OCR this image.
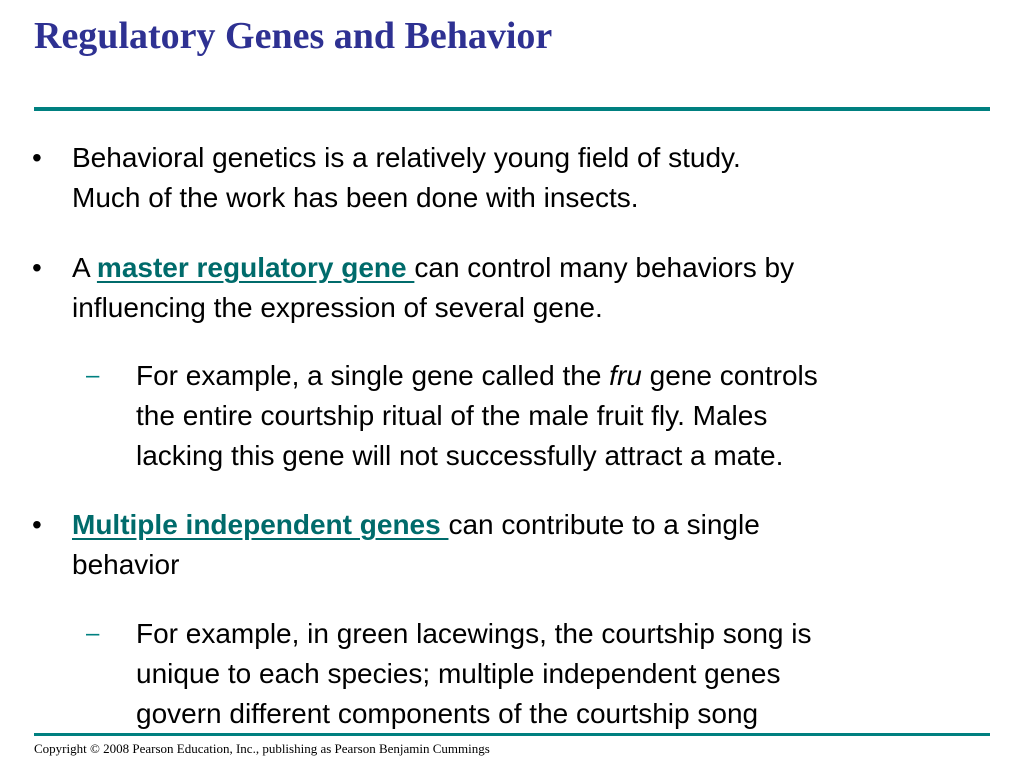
Regulatory Genes and Behavior
• Behavioral genetics is a relatively young field of study.
Much of the work has been done with insects.
• A master regulatory gene can control many behaviors by
influencing the expression of several gene.
– For example, a single gene called the fru gene controls
the entire courtship ritual of the male fruit fly. Males
lacking this gene will not successfully attract a mate.
• Multiple independent genes can contribute to a single
behavior
– For example, in green lacewings, the courtship song is
unique to each species; multiple independent genes
govern different components of the courtship song
Copyright © 2008 Pearson Education, Inc., publishing as Pearson Benjamin Cummings
